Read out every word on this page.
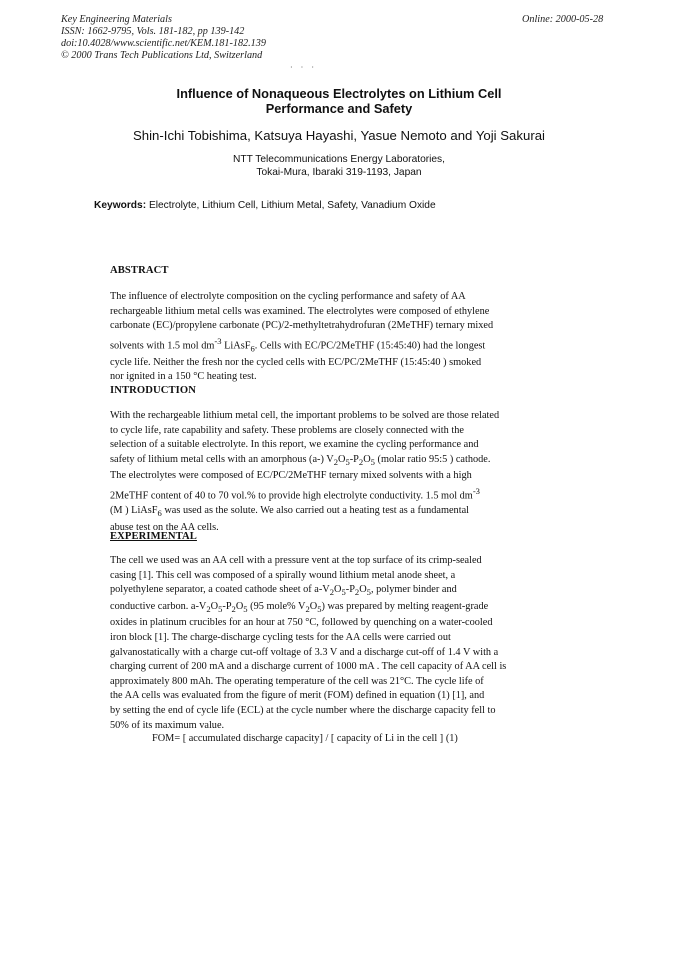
Key Engineering Materials
ISSN: 1662-9795, Vols. 181-182, pp 139-142
doi:10.4028/www.scientific.net/KEM.181-182.139
© 2000 Trans Tech Publications Ltd, Switzerland
Online: 2000-05-28
· · ·
Influence of Nonaqueous Electrolytes on Lithium Cell
Performance and Safety
Shin-Ichi Tobishima, Katsuya Hayashi, Yasue Nemoto and Yoji Sakurai
NTT Telecommunications Energy Laboratories,
Tokai-Mura, Ibaraki 319-1193, Japan
Keywords: Electrolyte, Lithium Cell, Lithium Metal, Safety, Vanadium Oxide
ABSTRACT
The influence of electrolyte composition on the cycling performance and safety of AA
rechargeable lithium metal cells was examined. The electrolytes were composed of ethylene
carbonate (EC)/propylene carbonate (PC)/2-methyltetrahydrofuran (2MeTHF) ternary mixed
solvents with 1.5 mol $dm^{-3}$ LiAsF$_6$. Cells with EC/PC/2MeTHF (15:45:40) had the longest
cycle life. Neither the fresh nor the cycled cells with EC/PC/2MeTHF (15:45:40 ) smoked
nor ignited in a 150 °C heating test.
INTRODUCTION
With the rechargeable lithium metal cell, the important problems to be solved are those related
to cycle life, rate capability and safety. These problems are closely connected with the
selection of a suitable electrolyte. In this report, we examine the cycling performance and
safety of lithium metal cells with an amorphous (a-) $V_2O_5-P_2O_5$ (molar ratio 95:5 ) cathode.
The electrolytes were composed of EC/PC/2MeTHF ternary mixed solvents with a high
2MeTHF content of 40 to 70 vol.% to provide high electrolyte conductivity. 1.5 mol $dm^{-3}$
(M ) LiAsF$_6$ was used as the solute. We also carried out a heating test as a fundamental
abuse test on the AA cells.
EXPERIMENTAL
The cell we used was an AA cell with a pressure vent at the top surface of its crimp-sealed
casing [1]. This cell was composed of a spirally wound lithium metal anode sheet, a
polyethylene separator, a coated cathode sheet of $a-V_2O_5-P_2O_5$, polymer binder and
conductive carbon. $a-V_2O_5-P_2O_5$ (95 mole% $V_2O_5$) was prepared by melting reagent-grade
oxides in platinum crucibles for an hour at 750 °C, followed by quenching on a water-cooled
iron block [1]. The charge-discharge cycling tests for the AA cells were carried out
galvanostatically with a charge cut-off voltage of 3.3 V and a discharge cut-off of 1.4 V with a
charging current of 200 mA and a discharge current of 1000 mA . The cell capacity of AA cell is
approximately 800 mAh. The operating temperature of the cell was 21°C. The cycle life of
the AA cells was evaluated from the figure of merit (FOM) defined in equation (1) [1], and
by setting the end of cycle life (ECL) at the cycle number where the discharge capacity fell to
50% of its maximum value.
FOM= [ accumulated discharge capacity] / [ capacity of Li in the cell ] (1)
